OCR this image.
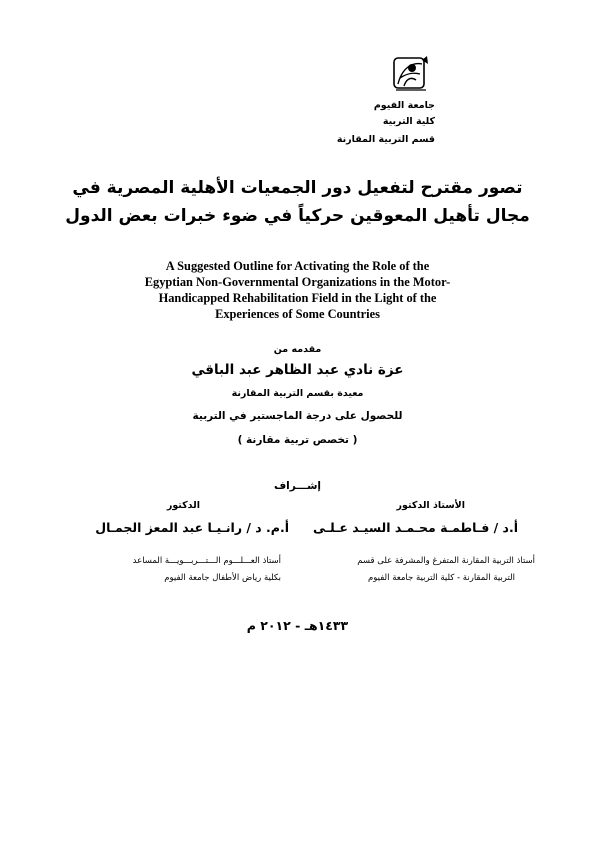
جامعة الفيوم
كلية التربية
قسم التربية المقارنة
تصور مقترح لتفعيل دور الجمعيات الأهلية المصرية في
مجال تأهيل المعوقين حركياً في ضوء خبرات بعض الدول
A Suggested Outline for Activating the Role of the
Egyptian Non-Governmental Organizations in the Motor-
Handicapped Rehabilitation Field in the Light of the
Experiences of Some Countries
مقدمه من
عزة نادي عبد الظاهر عبد الباقي
معيدة بقسم التربية المقارنة
للحصول على درجة الماجستير في التربية
( تخصص تربية مقارنة )
إشـــراف
الأستاذ الدكتور
الدكتور
أ.د / فـاطمـة محـمـد السيـد عـلـى
أ.م. د / رانـيـا عبد المعز الجمـال
أستاذ التربية المقارنة المتفرغ والمشرفة على قسم
التربية المقارنة - كلية التربية جامعة الفيوم
أستاذ العـــلـــوم الـــتـــربـــويـــة المساعد
بكلية رياض الأطفال جامعة الفيوم
١٤٣٣هـ - ٢٠١٢ م
